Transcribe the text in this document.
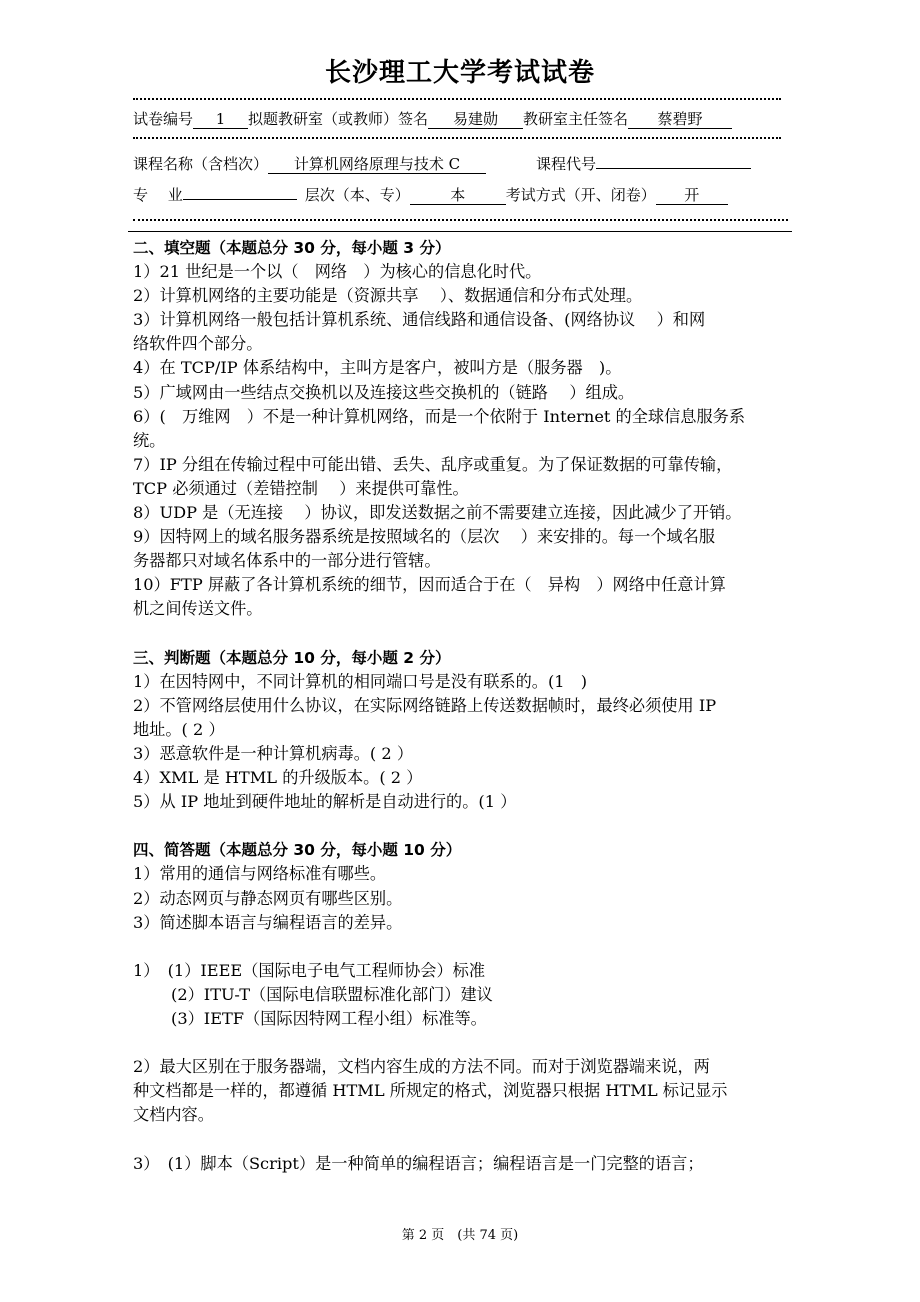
长沙理工大学考试试卷
试卷编号 1 拟题教研室（或教师）签名 易建勋 教研室主任签名 蔡碧野
课程名称（含档次） 计算机网络原理与技术 C	课程代号
专　 业	层次（本、专）	本	考试方式（开、闭卷） 开

二、填空题（本题总分 30 分，每小题 3 分）

1）21 世纪是一个以（　网络　）为核心的信息化时代。

2）计算机网络的主要功能是（资源共享　 ）、数据通信和分布式处理。

3）计算机网络一般包括计算机系统、通信线路和通信设备、(网络协议　 ）和网

络软件四个部分。

4）在 TCP/IP 体系结构中，主叫方是客户，被叫方是（服务器　)。

5）广域网由一些结点交换机以及连接这些交换机的（链路　 ）组成。

6）(　万维网　）不是一种计算机网络，而是一个依附于 Internet 的全球信息服务系

统。

7）IP 分组在传输过程中可能出错、丢失、乱序或重复。为了保证数据的可靠传输，

TCP 必须通过（差错控制　 ）来提供可靠性。

8）UDP 是（无连接　 ）协议，即发送数据之前不需要建立连接，因此减少了开销。

9）因特网上的域名服务器系统是按照域名的（层次　 ）来安排的。每一个域名服

务器都只对域名体系中的一部分进行管辖。

10）FTP 屏蔽了各计算机系统的细节，因而适合于在（　异构　）网络中任意计算

机之间传送文件。

三、判断题（本题总分 10 分，每小题 2 分）

1）在因特网中，不同计算机的相同端口号是没有联系的。(1　)

2）不管网络层使用什么协议，在实际网络链路上传送数据帧时，最终必须使用 IP

地址。( 2 ）

3）恶意软件是一种计算机病毒。( 2 ）

4）XML 是 HTML 的升级版本。( 2 ）

5）从 IP 地址到硬件地址的解析是自动进行的。(1 ）

四、简答题（本题总分 30 分，每小题 10 分）

1）常用的通信与网络标准有哪些。

2）动态网页与静态网页有哪些区别。

3）简述脚本语言与编程语言的差异。

1）　(1）IEEE（国际电子电气工程师协会）标准

(2）ITU-T（国际电信联盟标准化部门）建议

(3）IETF（国际因特网工程小组）标准等。

2）最大区别在于服务器端，文档内容生成的方法不同。而对于浏览器端来说，两

种文档都是一样的，都遵循 HTML 所规定的格式，浏览器只根据 HTML 标记显示

文档内容。

3）　(1）脚本（Script）是一种简单的编程语言；编程语言是一门完整的语言；

第 2 页　(共 74 页)
